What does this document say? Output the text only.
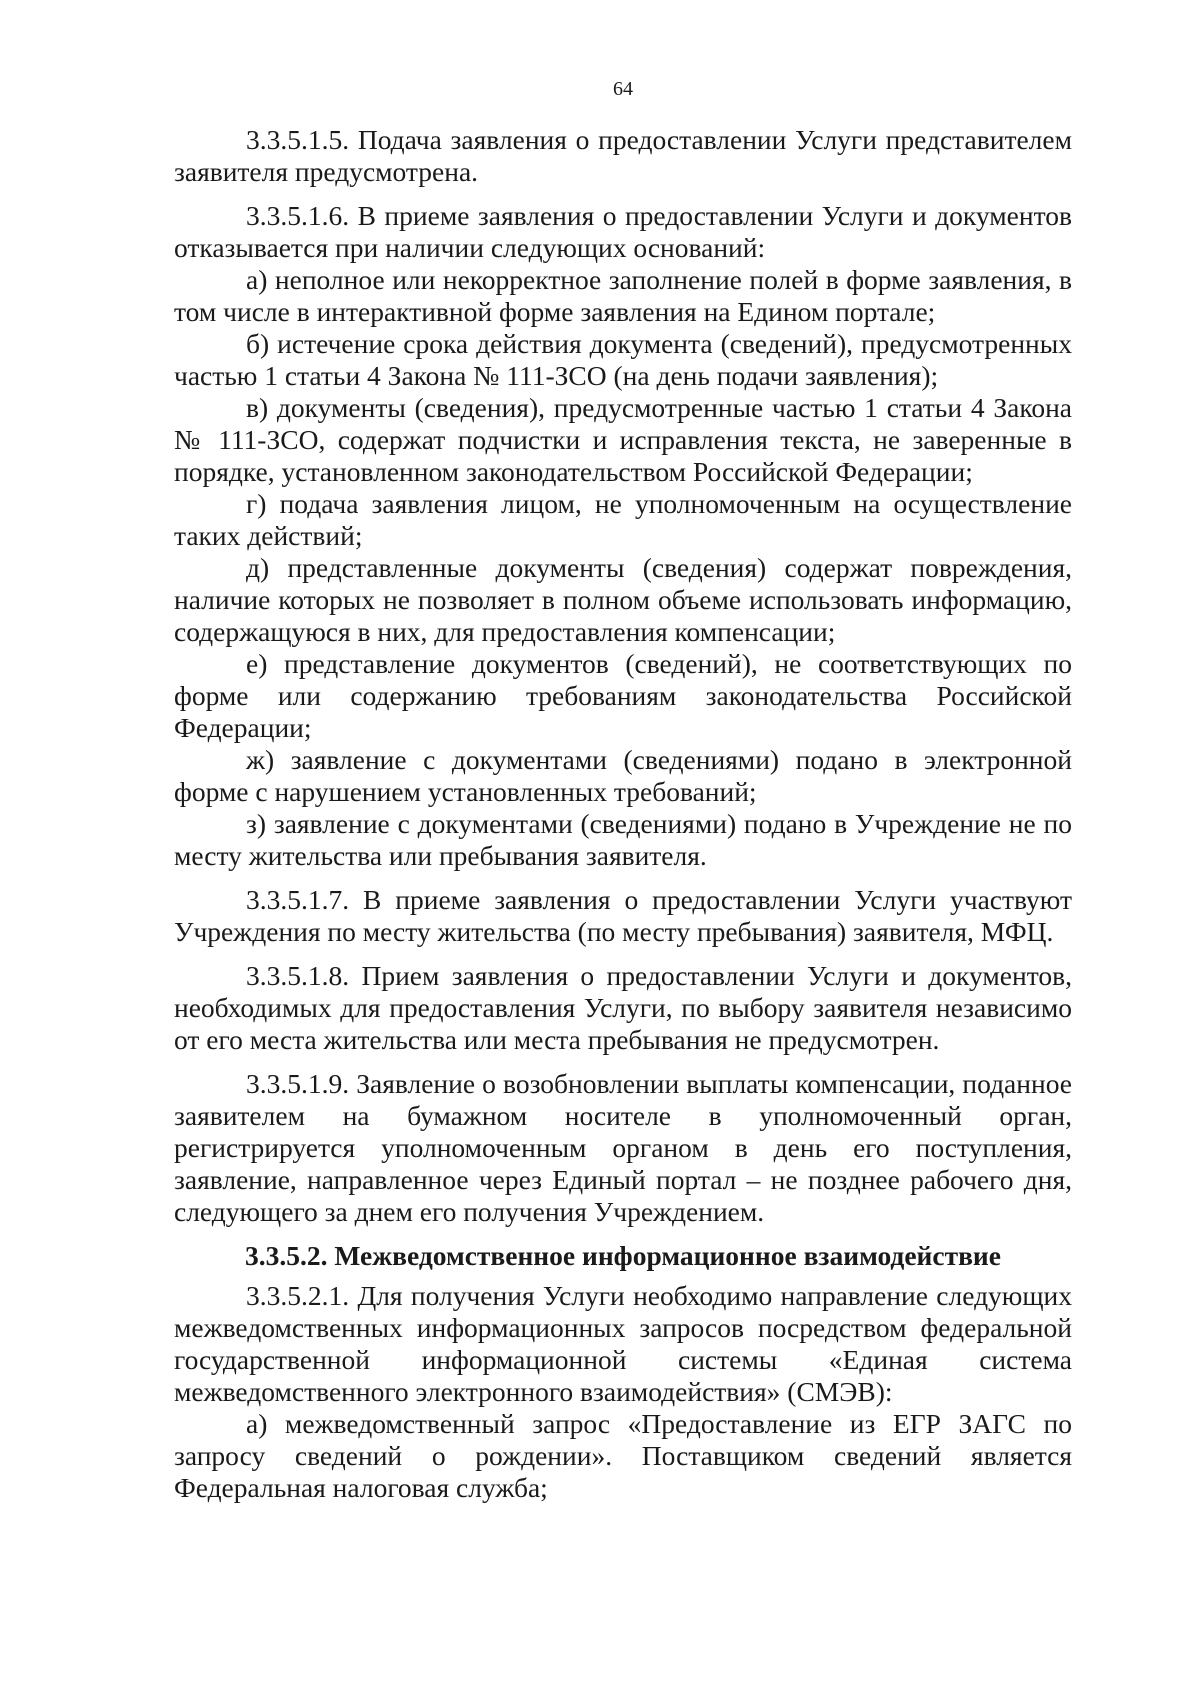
64

3.3.5.1.5. Подача заявления о предоставлении Услуги представителем заявителя предусмотрена.

3.3.5.1.6. В приеме заявления о предоставлении Услуги и документов отказывается при наличии следующих оснований:

а) неполное или некорректное заполнение полей в форме заявления, в том числе в интерактивной форме заявления на Едином портале;

б) истечение срока действия документа (сведений), предусмотренных частью 1 статьи 4 Закона № 111-ЗСО (на день подачи заявления);

в) документы (сведения), предусмотренные частью 1 статьи 4 Закона № 111-ЗСО, содержат подчистки и исправления текста, не заверенные в порядке, установленном законодательством Российской Федерации;

г) подача заявления лицом, не уполномоченным на осуществление таких действий;

д) представленные документы (сведения) содержат повреждения, наличие которых не позволяет в полном объеме использовать информацию, содержащуюся в них, для предоставления компенсации;

е) представление документов (сведений), не соответствующих по форме или содержанию требованиям законодательства Российской Федерации;

ж) заявление с документами (сведениями) подано в электронной форме с нарушением установленных требований;

з) заявление с документами (сведениями) подано в Учреждение не по месту жительства или пребывания заявителя.

3.3.5.1.7. В приеме заявления о предоставлении Услуги участвуют Учреждения по месту жительства (по месту пребывания) заявителя, МФЦ.

3.3.5.1.8. Прием заявления о предоставлении Услуги и документов, необходимых для предоставления Услуги, по выбору заявителя независимо от его места жительства или места пребывания не предусмотрен.

3.3.5.1.9. Заявление о возобновлении выплаты компенсации, поданное заявителем на бумажном носителе в уполномоченный орган, регистрируется уполномоченным органом в день его поступления, заявление, направленное через Единый портал – не позднее рабочего дня, следующего за днем его получения Учреждением.

3.3.5.2. Межведомственное информационное взаимодействие

3.3.5.2.1. Для получения Услуги необходимо направление следующих межведомственных информационных запросов посредством федеральной государственной информационной системы «Единая система межведомственного электронного взаимодействия» (СМЭВ):

а) межведомственный запрос «Предоставление из ЕГР ЗАГС по запросу сведений о рождении». Поставщиком сведений является Федеральная налоговая служба;
